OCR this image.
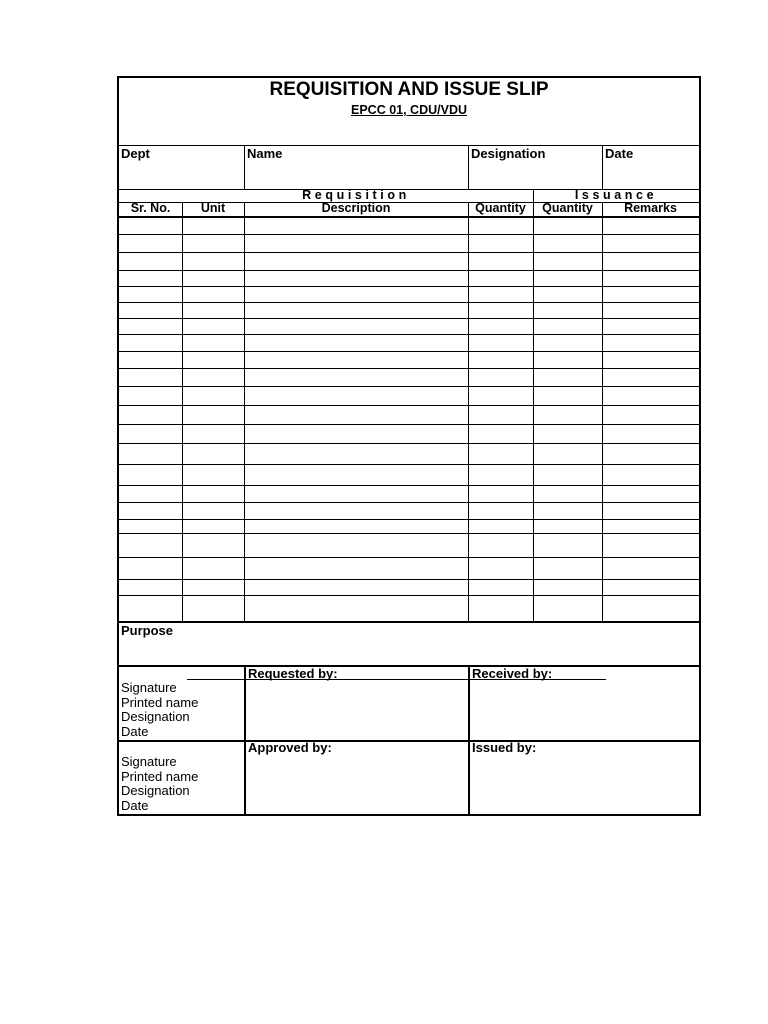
REQUISITION AND ISSUE SLIP
EPCC 01, CDU/VDU
Dept	Name	Designation	Date
Requisition	Issuance
Sr. No.	Unit	Description	Quantity	Quantity	Remarks
Purpose
Requested by:	Received by:
Signature
Printed name
Designation
Date
Approved by:	Issued by:
Signature
Printed name
Designation
Date
